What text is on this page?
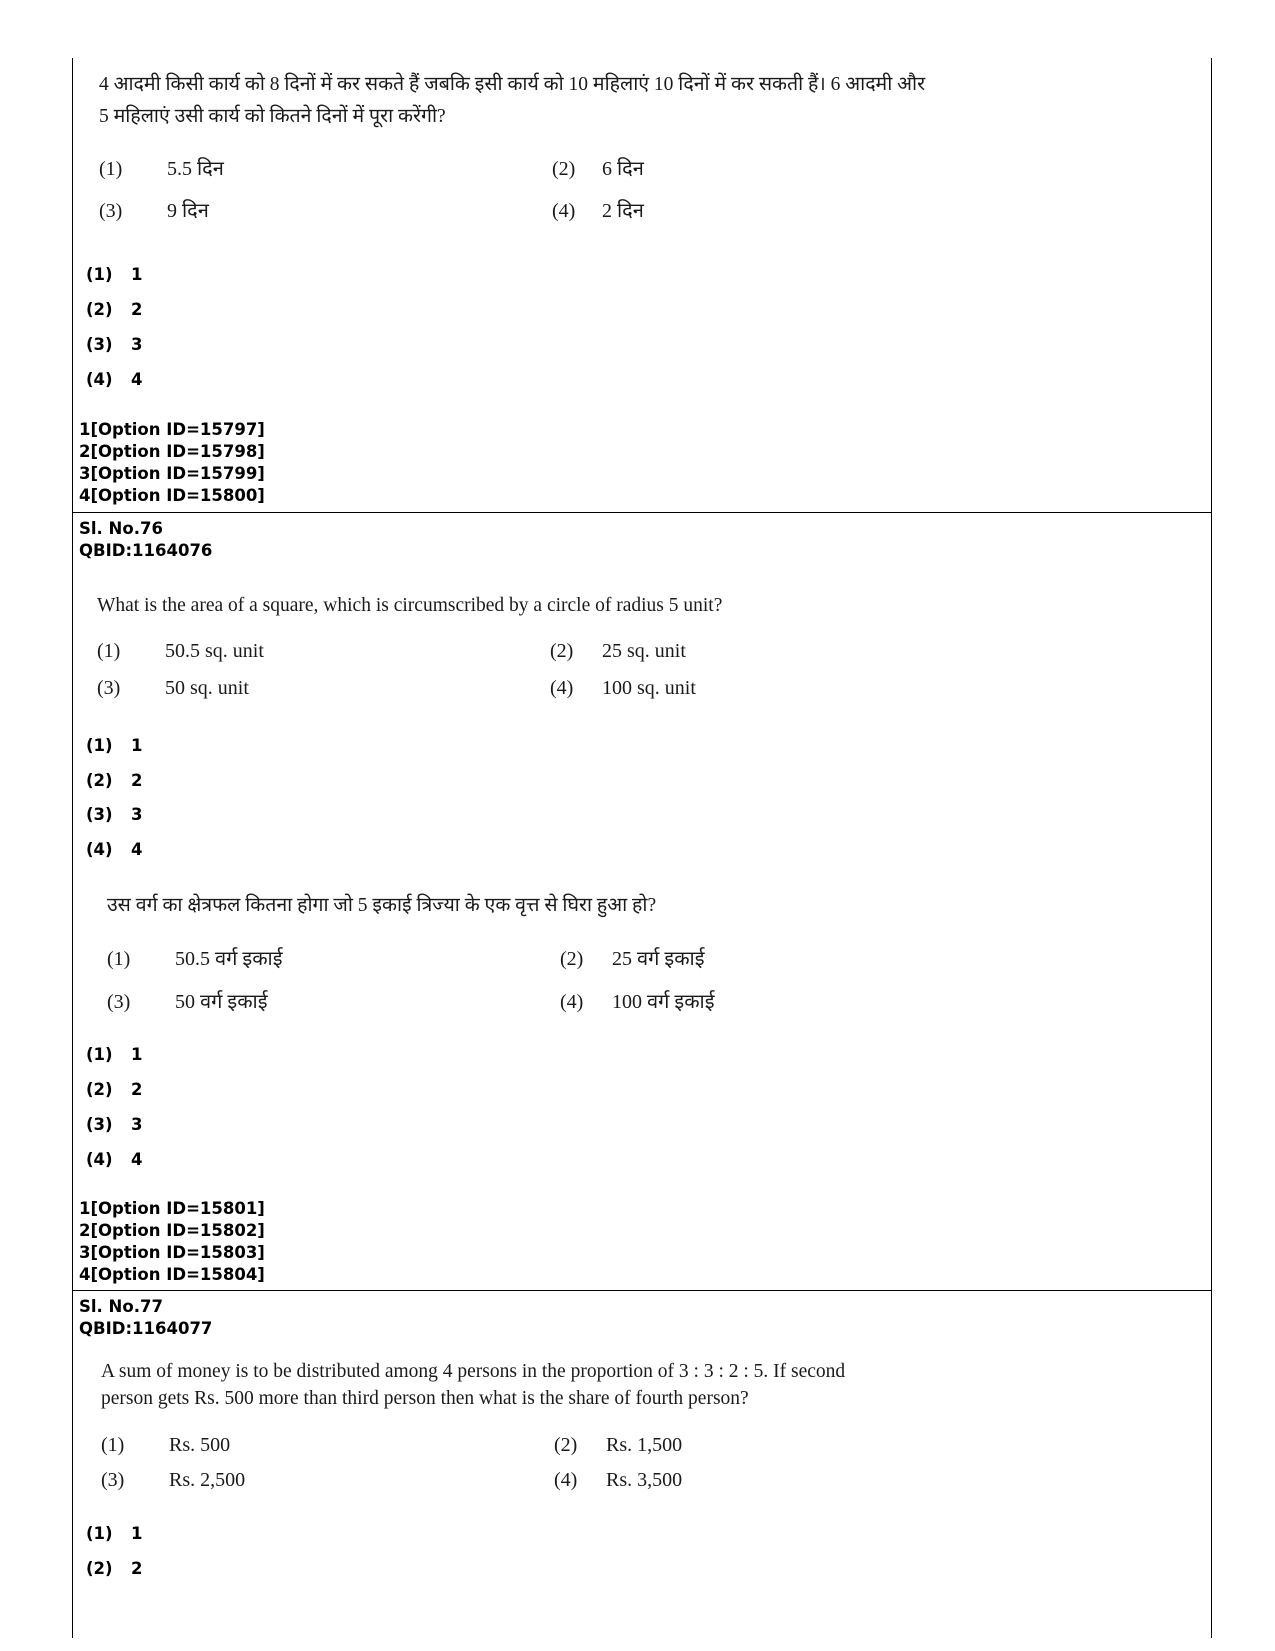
4 आदमी किसी कार्य को 8 दिनों में कर सकते हैं जबकि इसी कार्य को 10 महिलाएं 10 दिनों में कर सकती हैं। 6 आदमी और
5 महिलाएं उसी कार्य को कितने दिनों में पूरा करेंगी?
(1) 5.5 दिन	(2) 6 दिन
(3) 9 दिन	(4) 2 दिन
(1) 1
(2) 2
(3) 3
(4) 4
1[Option ID=15797]
2[Option ID=15798]
3[Option ID=15799]
4[Option ID=15800]
Sl. No.76
QBID:1164076
What is the area of a square, which is circumscribed by a circle of radius 5 unit?
(1) 50.5 sq. unit	(2) 25 sq. unit
(3) 50 sq. unit	(4) 100 sq. unit
(1) 1
(2) 2
(3) 3
(4) 4
उस वर्ग का क्षेत्रफल कितना होगा जो 5 इकाई त्रिज्या के एक वृत्त से घिरा हुआ हो?
(1) 50.5 वर्ग इकाई	(2) 25 वर्ग इकाई
(3) 50 वर्ग इकाई	(4) 100 वर्ग इकाई
(1) 1
(2) 2
(3) 3
(4) 4
1[Option ID=15801]
2[Option ID=15802]
3[Option ID=15803]
4[Option ID=15804]
Sl. No.77
QBID:1164077
A sum of money is to be distributed among 4 persons in the proportion of 3 : 3 : 2 : 5. If second
person gets Rs. 500 more than third person then what is the share of fourth person?
(1) Rs. 500	(2) Rs. 1,500
(3) Rs. 2,500	(4) Rs. 3,500
(1) 1
(2) 2
